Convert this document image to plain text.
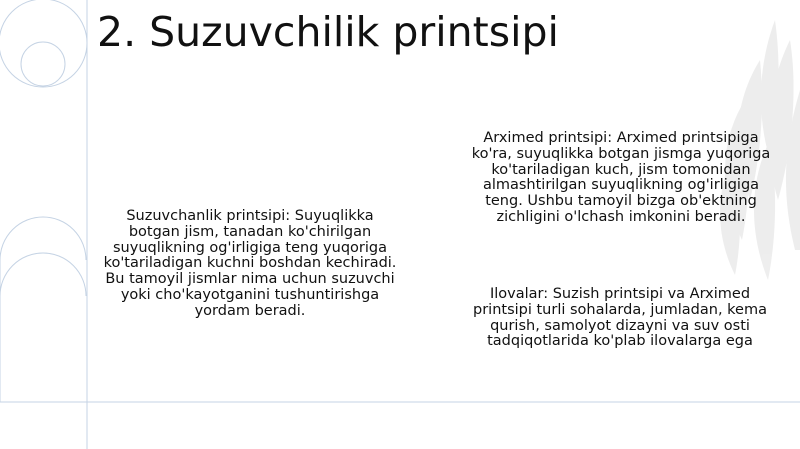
2. Suzuvchilik printsipi
Suzuvchanlik printsipi: Suyuqlikka botgan jism, tanadan ko'chirilgan suyuqlikning og'irligiga teng yuqoriga ko'tariladigan kuchni boshdan kechiradi. Bu tamoyil jismlar nima uchun suzuvchi yoki cho'kayotganini tushuntirishga yordam beradi.
Arximed printsipi: Arximed printsipiga ko'ra, suyuqlikka botgan jismga yuqoriga ko'tariladigan kuch, jism tomonidan almashtirilgan suyuqlikning og'irligiga teng. Ushbu tamoyil bizga ob'ektning zichligini o'lchash imkonini beradi.
Ilovalar: Suzish printsipi va Arximed printsipi turli sohalarda, jumladan, kema qurish, samolyot dizayni va suv osti tadqiqotlarida ko'plab ilovalarga ega
